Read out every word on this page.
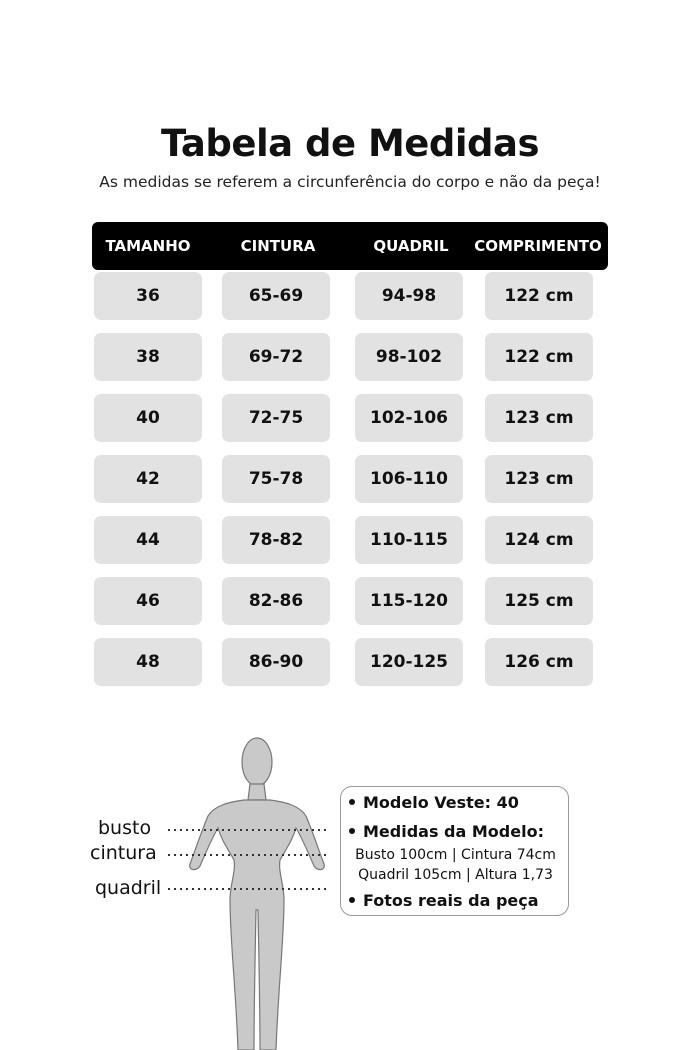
Tabela de Medidas
As medidas se referem a circunferência do corpo e não da peça!
TAMANHO	CINTURA	QUADRIL	COMPRIMENTO
36	65-69	94-98	122 cm
38	69-72	98-102	122 cm
40	72-75	102-106	123 cm
42	75-78	106-110	123 cm
44	78-82	110-115	124 cm
46	82-86	115-120	125 cm
48	86-90	120-125	126 cm
busto
cintura
quadril
Modelo Veste: 40
Medidas da Modelo:
Busto 100cm | Cintura 74cm
Quadril 105cm | Altura 1,73
Fotos reais da peça
